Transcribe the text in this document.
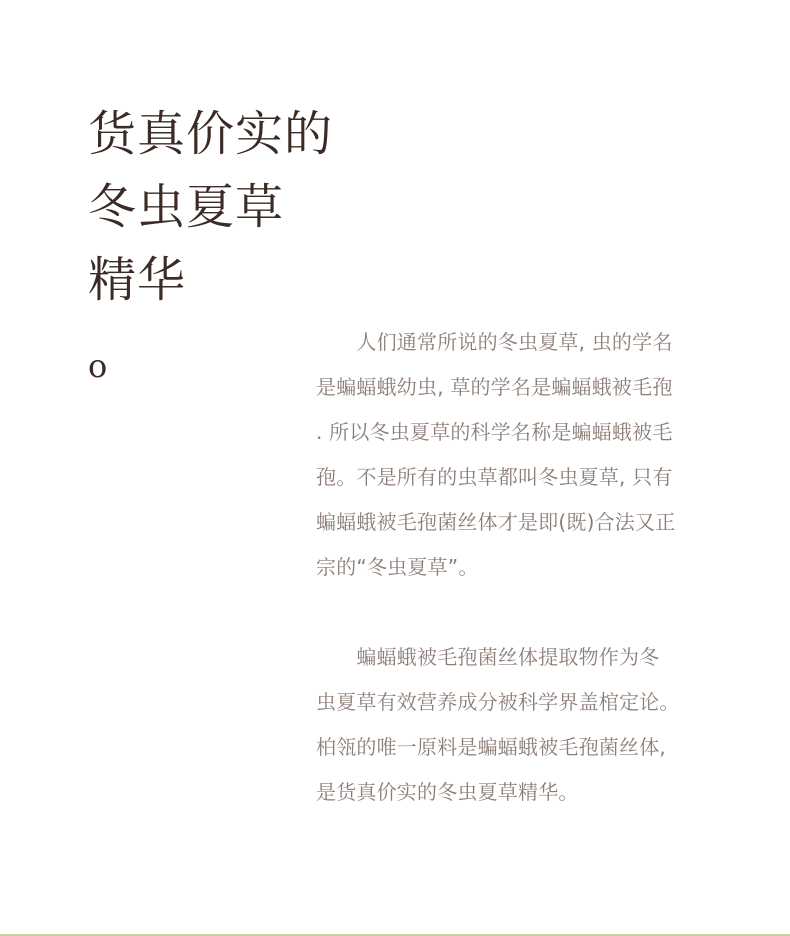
货真价实的
冬虫夏草
精华
o
　　人们通常所说的冬虫夏草, 虫的学名
是蝙蝠蛾幼虫, 草的学名是蝙蝠蛾被毛孢
. 所以冬虫夏草的科学名称是蝙蝠蛾被毛
孢。不是所有的虫草都叫冬虫夏草, 只有
蝙蝠蛾被毛孢菌丝体才是即(既)合法又正
宗的“冬虫夏草”。
　　蝙蝠蛾被毛孢菌丝体提取物作为冬
虫夏草有效营养成分被科学界盖棺定论。
柏瓴的唯一原料是蝙蝠蛾被毛孢菌丝体,
是货真价实的冬虫夏草精华。
